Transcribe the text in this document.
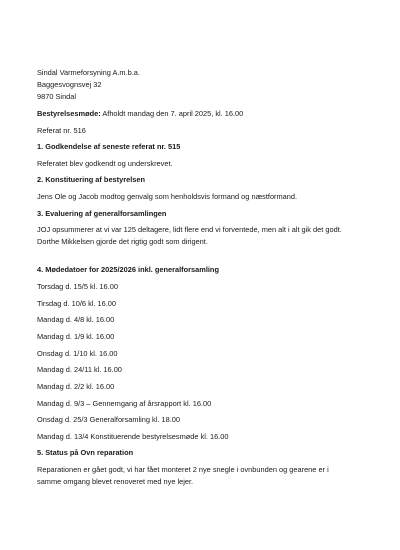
Sindal Varmeforsyning A.m.b.a.
Baggesvognsvej 32
9870 Sindal
Bestyrelsesmøde: Afholdt mandag den 7. april 2025, kl. 16.00
Referat nr. 516
1. Godkendelse af seneste referat nr. 515
Referatet blev godkendt og underskrevet.
2. Konstituering af bestyrelsen
Jens Ole og Jacob modtog genvalg som henholdsvis formand og næstformand.
3. Evaluering af generalforsamlingen
JOJ opsummerer at vi var 125 deltagere, lidt flere end vi forventede, men alt i alt gik det godt.
Dorthe Mikkelsen gjorde det rigtig godt som dirigent.
4. Mødedatoer for 2025/2026 inkl. generalforsamling
Torsdag d. 15/5 kl. 16.00
Tirsdag d. 10/6 kl. 16.00
Mandag d. 4/8 kl. 16.00
Mandag d. 1/9 kl. 16.00
Onsdag d. 1/10 kl. 16.00
Mandag d. 24/11 kl. 16.00
Mandag d. 2/2 kl. 16.00
Mandag d. 9/3 – Gennemgang af årsrapport kl. 16.00
Onsdag d. 25/3 Generalforsamling kl. 18.00
Mandag d. 13/4 Konstituerende bestyrelsesmøde kl. 16.00
5. Status på Ovn reparation
Reparationen er gået godt, vi har fået monteret 2 nye snegle i ovnbunden og gearene er i
samme omgang blevet renoveret med nye lejer.
